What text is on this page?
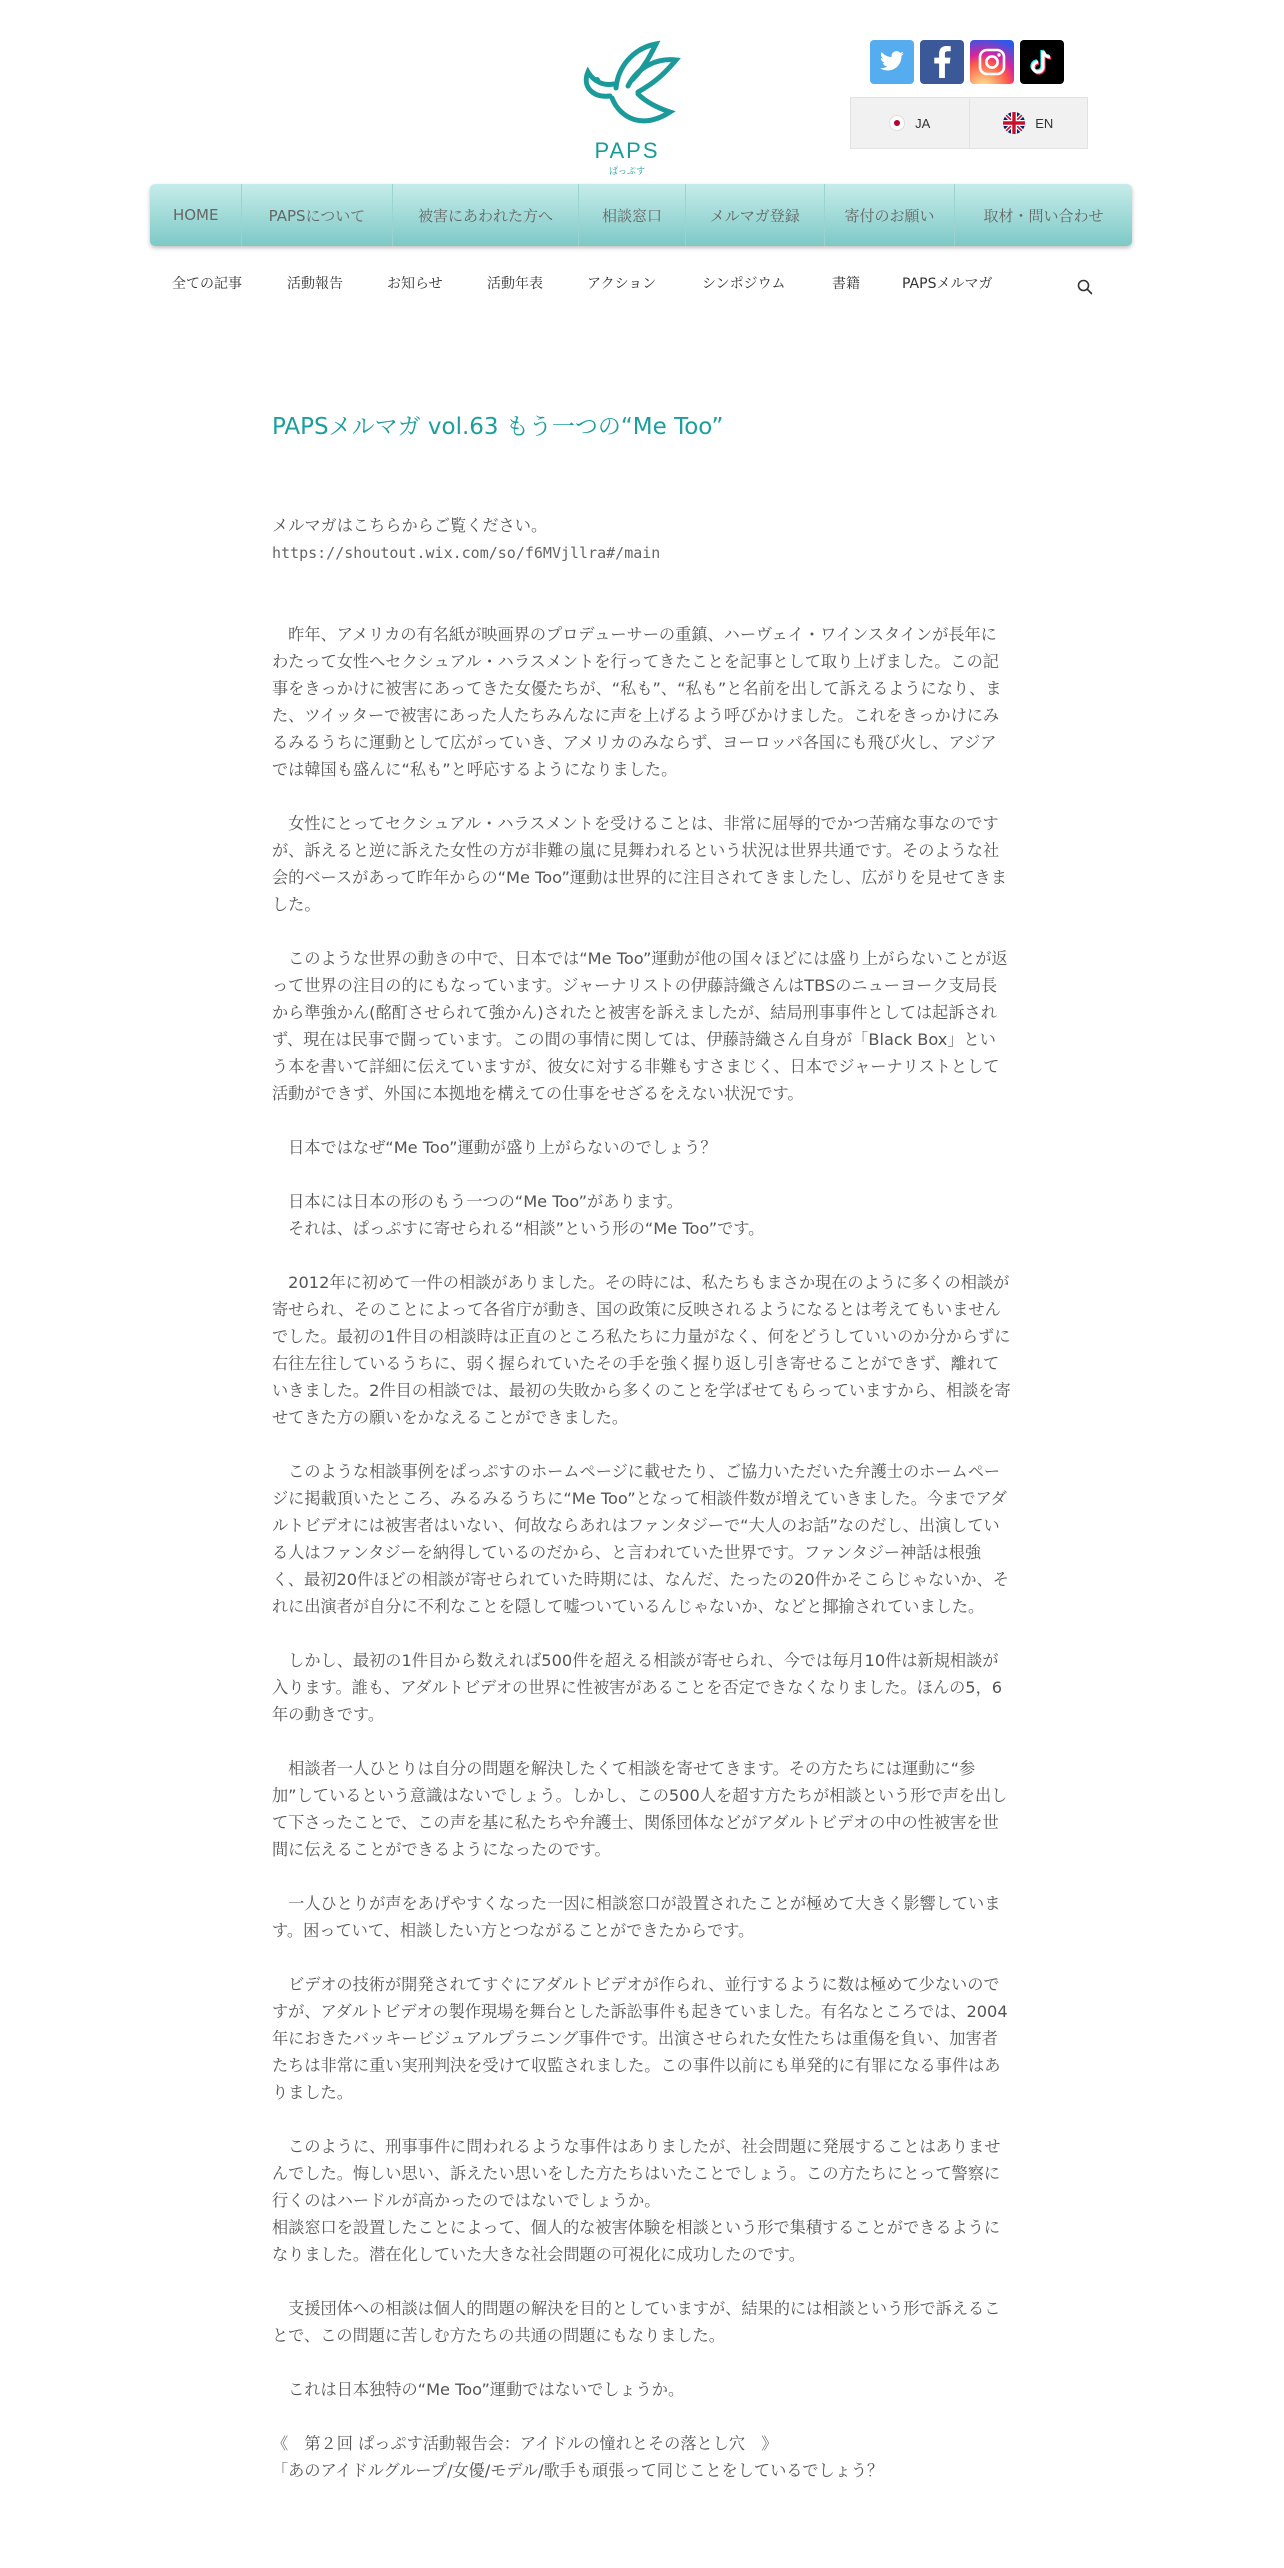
PAPS
ぱっぷす
JA	EN
HOME	PAPSについて	被害にあわれた方へ	相談窓口	メルマガ登録	寄付のお願い	取材・問い合わせ
全ての記事	活動報告	お知らせ	活動年表	アクション	シンポジウム	書籍	PAPSメルマガ
PAPSメルマガ vol.63 もう一つの“Me Too”

メルマガはこちらからご覧ください。

https://shoutout.wix.com/so/f6MVjllra#/main

　昨年、アメリカの有名紙が映画界のプロデューサーの重鎮、ハーヴェイ・ワインスタインが長年にわたって女性へセクシュアル・ハラスメントを行ってきたことを記事として取り上げました。この記事をきっかけに被害にあってきた女優たちが、“私も”、“私も”と名前を出して訴えるようになり、また、ツイッターで被害にあった人たちみんなに声を上げるよう呼びかけました。これをきっかけにみるみるうちに運動として広がっていき、アメリカのみならず、ヨーロッパ各国にも飛び火し、アジアでは韓国も盛んに“私も”と呼応するようになりました。

　女性にとってセクシュアル・ハラスメントを受けることは、非常に屈辱的でかつ苦痛な事なのですが、訴えると逆に訴えた女性の方が非難の嵐に見舞われるという状況は世界共通です。そのような社会的ベースがあって昨年からの“Me Too”運動は世界的に注目されてきましたし、広がりを見せてきました。

　このような世界の動きの中で、日本では“Me Too”運動が他の国々ほどには盛り上がらないことが返って世界の注目の的にもなっています。ジャーナリストの伊藤詩織さんはTBSのニューヨーク支局長から準強かん(酩酊させられて強かん)されたと被害を訴えましたが、結局刑事事件としては起訴されず、現在は民事で闘っています。この間の事情に関しては、伊藤詩織さん自身が「Black Box」という本を書いて詳細に伝えていますが、彼女に対する非難もすさまじく、日本でジャーナリストとして活動ができず、外国に本拠地を構えての仕事をせざるをえない状況です。

　日本ではなぜ“Me Too”運動が盛り上がらないのでしょう？

　日本には日本の形のもう一つの“Me Too”があります。
　それは、ぱっぷすに寄せられる“相談”という形の“Me Too”です。

　2012年に初めて一件の相談がありました。その時には、私たちもまさか現在のように多くの相談が寄せられ、そのことによって各省庁が動き、国の政策に反映されるようになるとは考えてもいませんでした。最初の1件目の相談時は正直のところ私たちに力量がなく、何をどうしていいのか分からずに右往左往しているうちに、弱く握られていたその手を強く握り返し引き寄せることができず、離れていきました。2件目の相談では、最初の失敗から多くのことを学ばせてもらっていますから、相談を寄せてきた方の願いをかなえることができました。

　このような相談事例をぱっぷすのホームページに載せたり、ご協力いただいた弁護士のホームページに掲載頂いたところ、みるみるうちに“Me Too”となって相談件数が増えていきました。今までアダルトビデオには被害者はいない、何故ならあれはファンタジーで“大人のお話”なのだし、出演している人はファンタジーを納得しているのだから、と言われていた世界です。ファンタジー神話は根強く、最初20件ほどの相談が寄せられていた時期には、なんだ、たったの20件かそこらじゃないか、それに出演者が自分に不利なことを隠して嘘ついているんじゃないか、などと揶揄されていました。

　しかし、最初の1件目から数えれば500件を超える相談が寄せられ、今では毎月10件は新規相談が入ります。誰も、アダルトビデオの世界に性被害があることを否定できなくなりました。ほんの5，6年の動きです。

　相談者一人ひとりは自分の問題を解決したくて相談を寄せてきます。その方たちには運動に“参加”しているという意識はないでしょう。しかし、この500人を超す方たちが相談という形で声を出して下さったことで、この声を基に私たちや弁護士、関係団体などがアダルトビデオの中の性被害を世間に伝えることができるようになったのです。

　一人ひとりが声をあげやすくなった一因に相談窓口が設置されたことが極めて大きく影響しています。困っていて、相談したい方とつながることができたからです。

　ビデオの技術が開発されてすぐにアダルトビデオが作られ、並行するように数は極めて少ないのですが、アダルトビデオの製作現場を舞台とした訴訟事件も起きていました。有名なところでは、2004年におきたバッキービジュアルプラニング事件です。出演させられた女性たちは重傷を負い、加害者たちは非常に重い実刑判決を受けて収監されました。この事件以前にも単発的に有罪になる事件はありました。

　このように、刑事事件に問われるような事件はありましたが、社会問題に発展することはありませんでした。悔しい思い、訴えたい思いをした方たちはいたことでしょう。この方たちにとって警察に行くのはハードルが高かったのではないでしょうか。
相談窓口を設置したことによって、個人的な被害体験を相談という形で集積することができるようになりました。潜在化していた大きな社会問題の可視化に成功したのです。

　支援団体への相談は個人的問題の解決を目的としていますが、結果的には相談という形で訴えることで、この問題に苦しむ方たちの共通の問題にもなりました。

　これは日本独特の“Me Too”運動ではないでしょうか。

《　第２回 ぱっぷす活動報告会：アイドルの憧れとその落とし穴　》

「あのアイドルグループ/女優/モデル/歌手も頑張って同じことをしているでしょう？
